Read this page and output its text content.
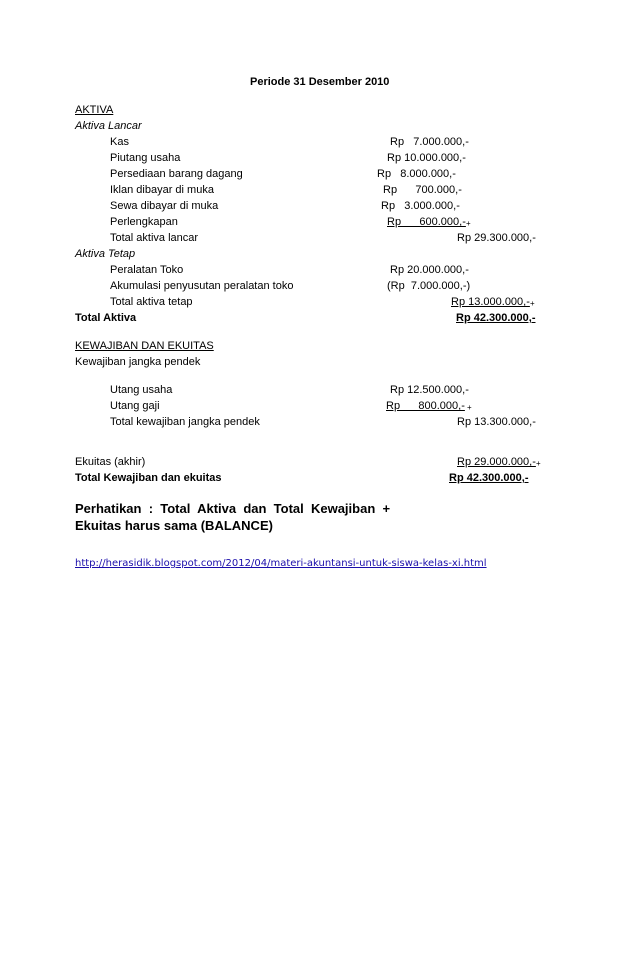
Periode 31 Desember 2010
AKTIVA
Aktiva Lancar
Kas	Rp   7.000.000,-
Piutang usaha	Rp 10.000.000,-
Persediaan barang dagang	Rp   8.000.000,-
Iklan dibayar di muka	Rp      700.000,-
Sewa dibayar di muka	Rp   3.000.000,-
Perlengkapan	Rp      600.000,- +
Total aktiva lancar	Rp 29.300.000,-
Aktiva Tetap
Peralatan Toko	Rp 20.000.000,-
Akumulasi penyusutan peralatan toko	(Rp  7.000.000,-)
Total aktiva tetap	Rp 13.000.000,- +
Total Aktiva	Rp 42.300.000,-
KEWAJIBAN DAN EKUITAS
Kewajiban jangka pendek
Utang usaha	Rp 12.500.000,-
Utang gaji	Rp      800.000,- +
Total kewajiban jangka pendek	Rp 13.300.000,-
Ekuitas (akhir)	Rp 29.000.000,- +
Total Kewajiban dan ekuitas	Rp 42.300.000,-
Perhatikan  :  Total  Aktiva  dan  Total  Kewajiban  +
Ekuitas harus sama (BALANCE)
http://herasidik.blogspot.com/2012/04/materi-akuntansi-untuk-siswa-kelas-xi.html
